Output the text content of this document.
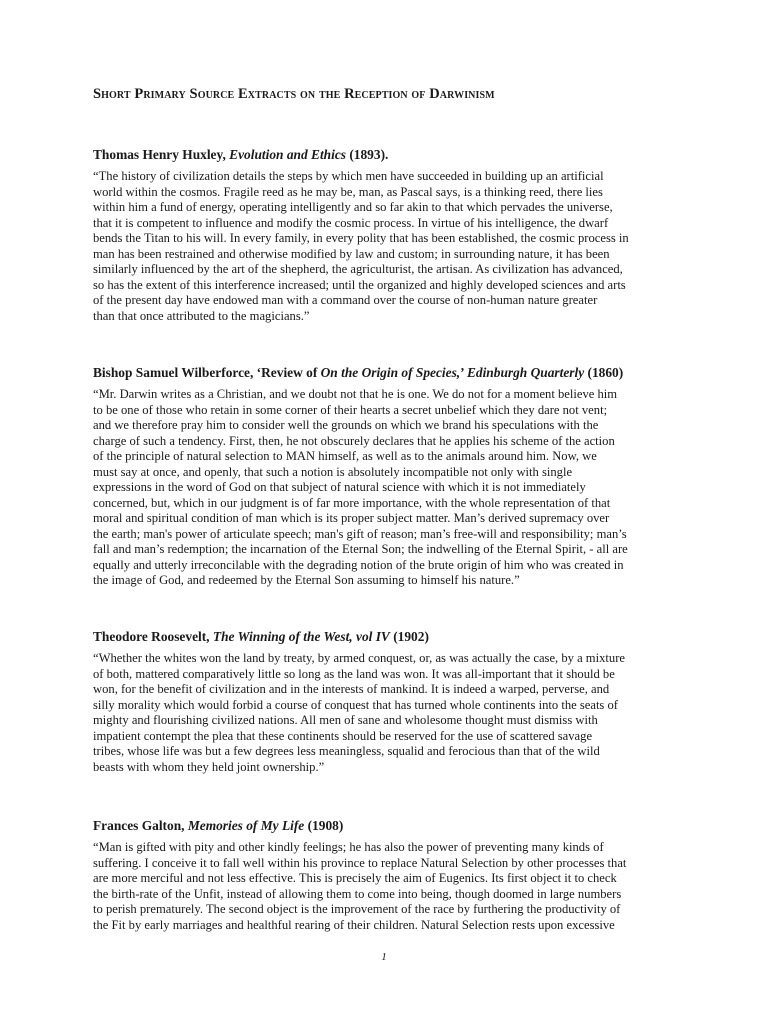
Short Primary Source Extracts on the Reception of Darwinism
Thomas Henry Huxley, Evolution and Ethics (1893).

“The history of civilization details the steps by which men have succeeded in building up an artificial
world within the cosmos. Fragile reed as he may be, man, as Pascal says, is a thinking reed, there lies
within him a fund of energy, operating intelligently and so far akin to that which pervades the universe,
that it is competent to influence and modify the cosmic process. In virtue of his intelligence, the dwarf
bends the Titan to his will. In every family, in every polity that has been established, the cosmic process in
man has been restrained and otherwise modified by law and custom; in surrounding nature, it has been
similarly influenced by the art of the shepherd, the agriculturist, the artisan. As civilization has advanced,
so has the extent of this interference increased; until the organized and highly developed sciences and arts
of the present day have endowed man with a command over the course of non-human nature greater
than that once attributed to the magicians.”

Bishop Samuel Wilberforce, ‘Review of On the Origin of Species,’ Edinburgh Quarterly (1860)

“Mr. Darwin writes as a Christian, and we doubt not that he is one. We do not for a moment believe him
to be one of those who retain in some corner of their hearts a secret unbelief which they dare not vent;
and we therefore pray him to consider well the grounds on which we brand his speculations with the
charge of such a tendency. First, then, he not obscurely declares that he applies his scheme of the action
of the principle of natural selection to MAN himself, as well as to the animals around him. Now, we
must say at once, and openly, that such a notion is absolutely incompatible not only with single
expressions in the word of God on that subject of natural science with which it is not immediately
concerned, but, which in our judgment is of far more importance, with the whole representation of that
moral and spiritual condition of man which is its proper subject matter. Man’s derived supremacy over
the earth; man's power of articulate speech; man's gift of reason; man’s free-will and responsibility; man’s
fall and man’s redemption; the incarnation of the Eternal Son; the indwelling of the Eternal Spirit, - all are
equally and utterly irreconcilable with the degrading notion of the brute origin of him who was created in
the image of God, and redeemed by the Eternal Son assuming to himself his nature.”

Theodore Roosevelt, The Winning of the West, vol IV (1902)

“Whether the whites won the land by treaty, by armed conquest, or, as was actually the case, by a mixture
of both, mattered comparatively little so long as the land was won. It was all-important that it should be
won, for the benefit of civilization and in the interests of mankind. It is indeed a warped, perverse, and
silly morality which would forbid a course of conquest that has turned whole continents into the seats of
mighty and flourishing civilized nations. All men of sane and wholesome thought must dismiss with
impatient contempt the plea that these continents should be reserved for the use of scattered savage
tribes, whose life was but a few degrees less meaningless, squalid and ferocious than that of the wild
beasts with whom they held joint ownership.”

Frances Galton, Memories of My Life (1908)

“Man is gifted with pity and other kindly feelings; he has also the power of preventing many kinds of
suffering. I conceive it to fall well within his province to replace Natural Selection by other processes that
are more merciful and not less effective. This is precisely the aim of Eugenics. Its first object it to check
the birth-rate of the Unfit, instead of allowing them to come into being, though doomed in large numbers
to perish prematurely. The second object is the improvement of the race by furthering the productivity of
the Fit by early marriages and healthful rearing of their children. Natural Selection rests upon excessive

1
